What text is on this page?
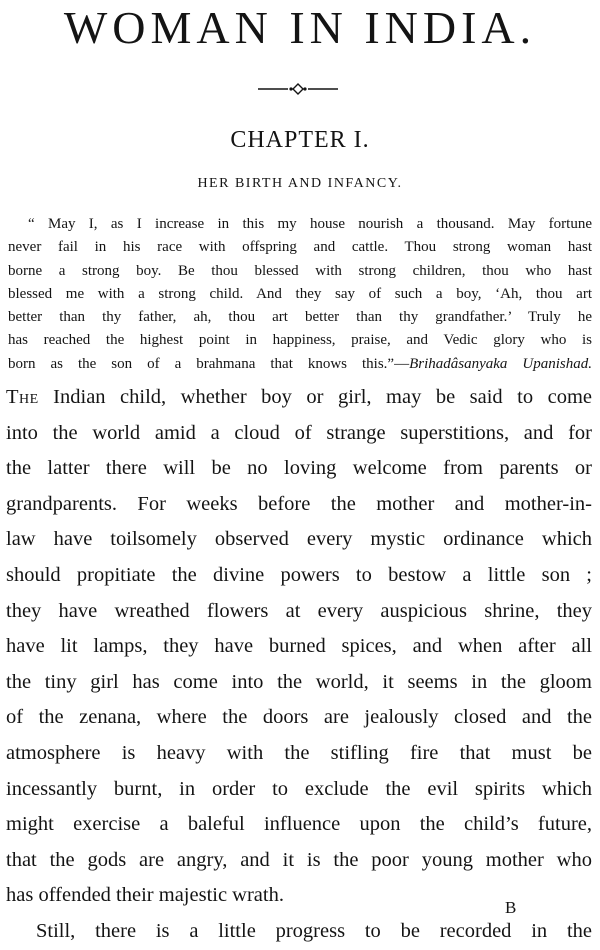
WOMAN IN INDIA.
CHAPTER I.
HER BIRTH AND INFANCY.
“ May I, as I increase in this my house nourish a thousand. May fortune
never fail in his race with offspring and cattle. Thou strong woman hast
borne a strong boy. Be thou blessed with strong children, thou who hast
blessed me with a strong child. And they say of such a boy, ‘Ah, thou art
better than thy father, ah, thou art better than thy grandfather.’ Truly he
has reached the highest point in happiness, praise, and Vedic glory who is
born as the son of a brahmana that knows this.”—Brihadâsanyaka Upanishad.
The Indian child, whether boy or girl, may be said to come
into the world amid a cloud of strange superstitions, and for
the latter there will be no loving welcome from parents or
grandparents. For weeks before the mother and mother-in-
law have toilsomely observed every mystic ordinance which
should propitiate the divine powers to bestow a little son ;
they have wreathed flowers at every auspicious shrine, they
have lit lamps, they have burned spices, and when after all
the tiny girl has come into the world, it seems in the gloom
of the zenana, where the doors are jealously closed and the
atmosphere is heavy with the stifling fire that must be
incessantly burnt, in order to exclude the evil spirits which
might exercise a baleful influence upon the child’s future,
that the gods are angry, and it is the poor young mother who
has offended their majestic wrath.
Still, there is a little progress to be recorded in the
B
